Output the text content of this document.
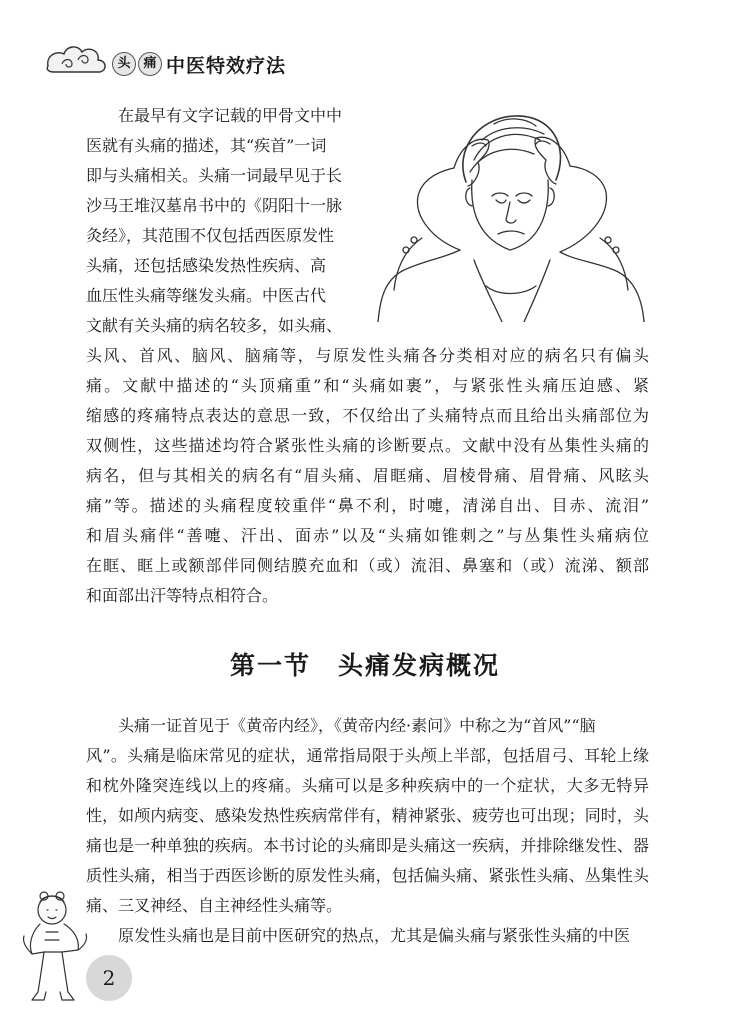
头 痛 中医特效疗法
在最早有文字记载的甲骨文中中
医就有头痛的描述，其“疾首”一词
即与头痛相关。头痛一词最早见于长
沙马王堆汉墓帛书中的《阴阳十一脉
灸经》，其范围不仅包括西医原发性
头痛，还包括感染发热性疾病、高
血压性头痛等继发头痛。中医古代
文献有关头痛的病名较多，如头痛、
头风、首风、脑风、脑痛等，与原发性头痛各分类相对应的病名只有偏头
痛。文献中描述的“头顶痛重”和“头痛如裹”，与紧张性头痛压迫感、紧
缩感的疼痛特点表达的意思一致，不仅给出了头痛特点而且给出头痛部位为
双侧性，这些描述均符合紧张性头痛的诊断要点。文献中没有丛集性头痛的
病名，但与其相关的病名有“眉头痛、眉眶痛、眉棱骨痛、眉骨痛、风眩头
痛”等。描述的头痛程度较重伴“鼻不利，时嚏，清涕自出、目赤、流泪”
和眉头痛伴“善嚏、汗出、面赤”以及“头痛如锥刺之”与丛集性头痛病位
在眶、眶上或额部伴同侧结膜充血和（或）流泪、鼻塞和（或）流涕、额部
和面部出汗等特点相符合。
第一节　头痛发病概况
头痛一证首见于《黄帝内经》，《黄帝内经·素问》中称之为“首风”“脑
风”。头痛是临床常见的症状，通常指局限于头颅上半部，包括眉弓、耳轮上缘
和枕外隆突连线以上的疼痛。头痛可以是多种疾病中的一个症状，大多无特异
性，如颅内病变、感染发热性疾病常伴有，精神紧张、疲劳也可出现；同时，头
痛也是一种单独的疾病。本书讨论的头痛即是头痛这一疾病，并排除继发性、器
质性头痛，相当于西医诊断的原发性头痛，包括偏头痛、紧张性头痛、丛集性头
痛、三叉神经、自主神经性头痛等。
原发性头痛也是目前中医研究的热点，尤其是偏头痛与紧张性头痛的中医
2
